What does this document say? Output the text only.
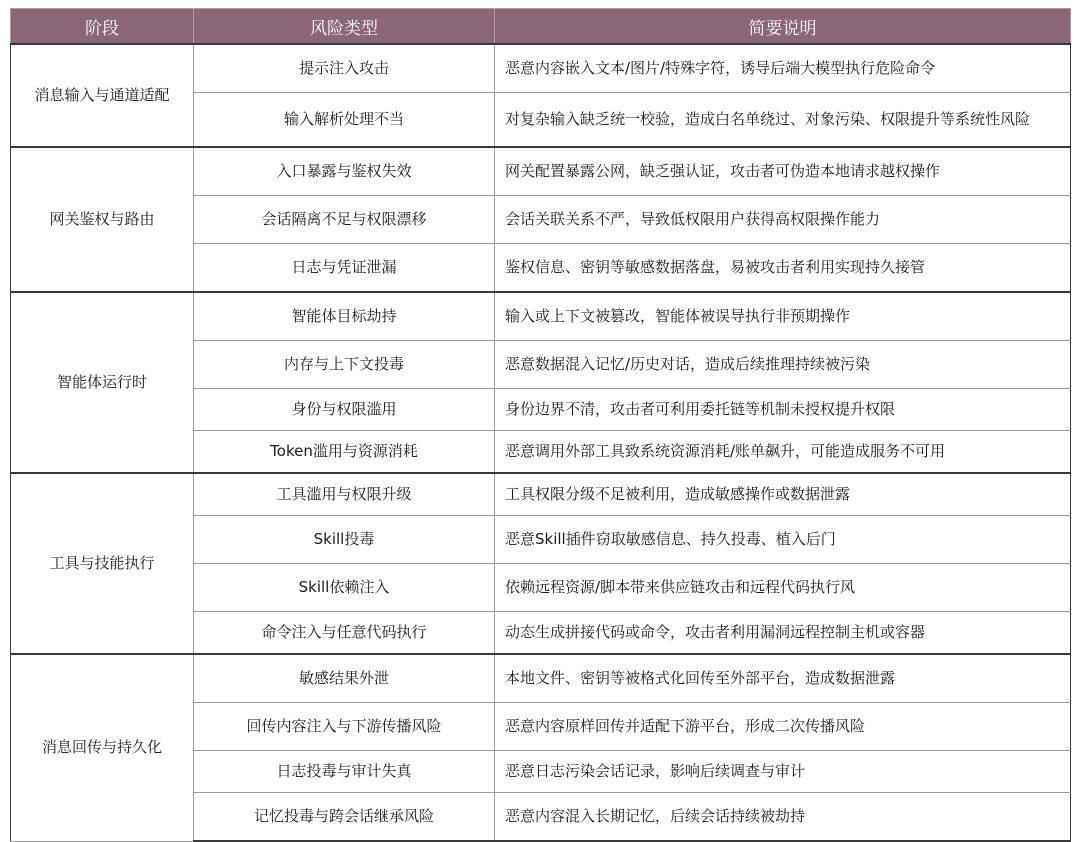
阶段	风险类型	简要说明
消息输入与通道适配	提示注入攻击	恶意内容嵌入文本/图片/特殊字符，诱导后端大模型执行危险命令
	输入解析处理不当	对复杂输入缺乏统一校验，造成白名单绕过、对象污染、权限提升等系统性风险
网关鉴权与路由	入口暴露与鉴权失效	网关配置暴露公网，缺乏强认证，攻击者可伪造本地请求越权操作
	会话隔离不足与权限漂移	会话关联关系不严，导致低权限用户获得高权限操作能力
	日志与凭证泄漏	鉴权信息、密钥等敏感数据落盘，易被攻击者利用实现持久接管
智能体运行时	智能体目标劫持	输入或上下文被篡改，智能体被误导执行非预期操作
	内存与上下文投毒	恶意数据混入记忆/历史对话，造成后续推理持续被污染
	身份与权限滥用	身份边界不清，攻击者可利用委托链等机制未授权提升权限
	Token滥用与资源消耗	恶意调用外部工具致系统资源消耗/账单飙升，可能造成服务不可用
工具与技能执行	工具滥用与权限升级	工具权限分级不足被利用，造成敏感操作或数据泄露
	Skill投毒	恶意Skill插件窃取敏感信息、持久投毒、植入后门
	Skill依赖注入	依赖远程资源/脚本带来供应链攻击和远程代码执行风
	命令注入与任意代码执行	动态生成拼接代码或命令，攻击者利用漏洞远程控制主机或容器
消息回传与持久化	敏感结果外泄	本地文件、密钥等被格式化回传至外部平台，造成数据泄露
	回传内容注入与下游传播风险	恶意内容原样回传并适配下游平台，形成二次传播风险
	日志投毒与审计失真	恶意日志污染会话记录，影响后续调查与审计
	记忆投毒与跨会话继承风险	恶意内容混入长期记忆，后续会话持续被劫持
